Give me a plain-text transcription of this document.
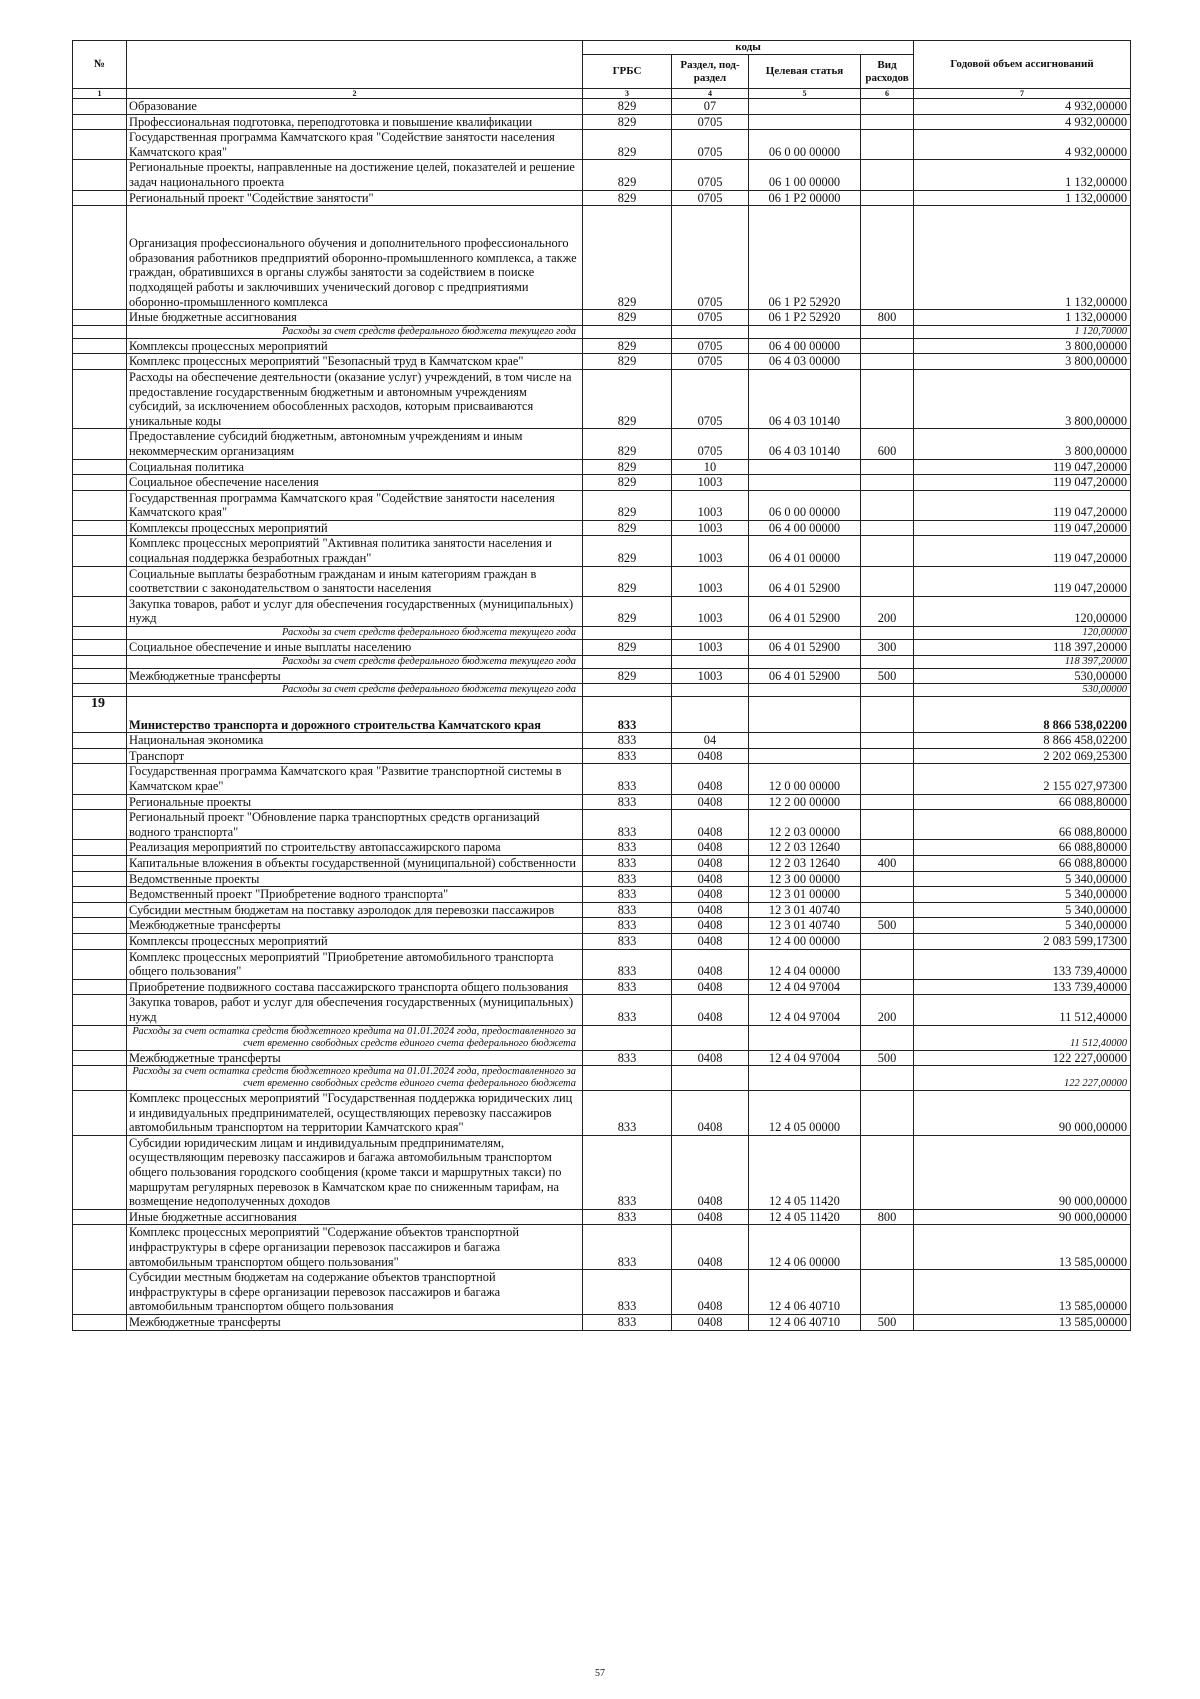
№		коды				Годовой объем ассигнований
		ГРБС	Раздел, под-раздел	Целевая статья	Вид расходов	
1	2	3	4	5	6	7
	Образование	829	07			4 932,00000
	Профессиональная подготовка, переподготовка и повышение квалификации	829	0705			4 932,00000
	Государственная программа Камчатского края "Содействие занятости населения Камчатского края"	829	0705	06 0 00 00000		4 932,00000
	Региональные проекты, направленные на достижение целей, показателей и решение задач национального проекта	829	0705	06 1 00 00000		1 132,00000
	Региональный проект "Содействие занятости"	829	0705	06 1 P2 00000		1 132,00000
	Организация профессионального обучения и дополнительного профессионального образования работников предприятий оборонно-промышленного комплекса, а также граждан, обратившихся в органы службы занятости за содействием в поиске подходящей работы и заключивших ученический договор с предприятиями оборонно-промышленного комплекса	829	0705	06 1 P2 52920		1 132,00000
	Иные бюджетные ассигнования	829	0705	06 1 P2 52920	800	1 132,00000
	Расходы за счет средств федерального бюджета текущего года					1 120,70000
	Комплексы процессных мероприятий	829	0705	06 4 00 00000		3 800,00000
	Комплекс процессных мероприятий "Безопасный труд в Камчатском крае"	829	0705	06 4 03 00000		3 800,00000
	Расходы на обеспечение деятельности (оказание услуг) учреждений, в том числе на предоставление государственным бюджетным и автономным учреждениям субсидий, за исключением обособленных расходов, которым присваиваются уникальные коды	829	0705	06 4 03 10140		3 800,00000
	Предоставление субсидий бюджетным, автономным учреждениям и иным некоммерческим организациям	829	0705	06 4 03 10140	600	3 800,00000
	Социальная политика	829	10			119 047,20000
	Социальное обеспечение населения	829	1003			119 047,20000
	Государственная программа Камчатского края "Содействие занятости населения Камчатского края"	829	1003	06 0 00 00000		119 047,20000
	Комплексы процессных мероприятий	829	1003	06 4 00 00000		119 047,20000
	Комплекс процессных мероприятий "Активная политика занятости населения и социальная поддержка безработных граждан"	829	1003	06 4 01 00000		119 047,20000
	Социальные выплаты безработным гражданам и иным категориям граждан в соответствии с законодательством о занятости населения	829	1003	06 4 01 52900		119 047,20000
	Закупка товаров, работ и услуг для обеспечения государственных (муниципальных) нужд	829	1003	06 4 01 52900	200	120,00000
	Расходы за счет средств федерального бюджета текущего года					120,00000
	Социальное обеспечение и иные выплаты населению	829	1003	06 4 01 52900	300	118 397,20000
	Расходы за счет средств федерального бюджета текущего года					118 397,20000
	Межбюджетные трансферты	829	1003	06 4 01 52900	500	530,00000
	Расходы за счет средств федерального бюджета текущего года					530,00000
19	Министерство транспорта и дорожного строительства Камчатского края	833				8 866 538,02200
	Национальная экономика	833	04			8 866 458,02200
	Транспорт	833	0408			2 202 069,25300
	Государственная программа Камчатского края "Развитие транспортной системы в Камчатском крае"	833	0408	12 0 00 00000		2 155 027,97300
	Региональные проекты	833	0408	12 2 00 00000		66 088,80000
	Региональный проект "Обновление парка транспортных средств организаций водного транспорта"	833	0408	12 2 03 00000		66 088,80000
	Реализация мероприятий по строительству автопассажирского парома	833	0408	12 2 03 12640		66 088,80000
	Капитальные вложения в объекты государственной (муниципальной) собственности	833	0408	12 2 03 12640	400	66 088,80000
	Ведомственные проекты	833	0408	12 3 00 00000		5 340,00000
	Ведомственный проект "Приобретение водного транспорта"	833	0408	12 3 01 00000		5 340,00000
	Субсидии местным бюджетам на поставку аэролодок для перевозки пассажиров	833	0408	12 3 01 40740		5 340,00000
	Межбюджетные трансферты	833	0408	12 3 01 40740	500	5 340,00000
	Комплексы процессных мероприятий	833	0408	12 4 00 00000		2 083 599,17300
	Комплекс процессных мероприятий "Приобретение автомобильного транспорта общего пользования"	833	0408	12 4 04 00000		133 739,40000
	Приобретение подвижного состава пассажирского транспорта общего пользования	833	0408	12 4 04 97004		133 739,40000
	Закупка товаров, работ и услуг для обеспечения государственных (муниципальных) нужд	833	0408	12 4 04 97004	200	11 512,40000
	Расходы за счет остатка средств бюджетного кредита на 01.01.2024 года, предоставленного за счет временно свободных средств единого счета федерального бюджета					11 512,40000
	Межбюджетные трансферты	833	0408	12 4 04 97004	500	122 227,00000
	Расходы за счет остатка средств бюджетного кредита на 01.01.2024 года, предоставленного за счет временно свободных средств единого счета федерального бюджета					122 227,00000
	Комплекс процессных мероприятий "Государственная поддержка юридических лиц и индивидуальных предпринимателей, осуществляющих перевозку пассажиров автомобильным транспортом на территории Камчатского края"	833	0408	12 4 05 00000		90 000,00000
	Субсидии юридическим лицам и индивидуальным предпринимателям, осуществляющим перевозку пассажиров и багажа автомобильным транспортом общего пользования городского сообщения (кроме такси и маршрутных такси) по маршрутам регулярных перевозок в Камчатском крае по сниженным тарифам, на возмещение недополученных доходов	833	0408	12 4 05 11420		90 000,00000
	Иные бюджетные ассигнования	833	0408	12 4 05 11420	800	90 000,00000
	Комплекс процессных мероприятий "Содержание объектов транспортной инфраструктуры в сфере организации перевозок пассажиров и багажа автомобильным транспортом общего пользования"	833	0408	12 4 06 00000		13 585,00000
	Субсидии местным бюджетам на содержание объектов транспортной инфраструктуры в сфере организации перевозок пассажиров и багажа автомобильным транспортом общего пользования	833	0408	12 4 06 40710		13 585,00000
	Межбюджетные трансферты	833	0408	12 4 06 40710	500	13 585,00000
57
